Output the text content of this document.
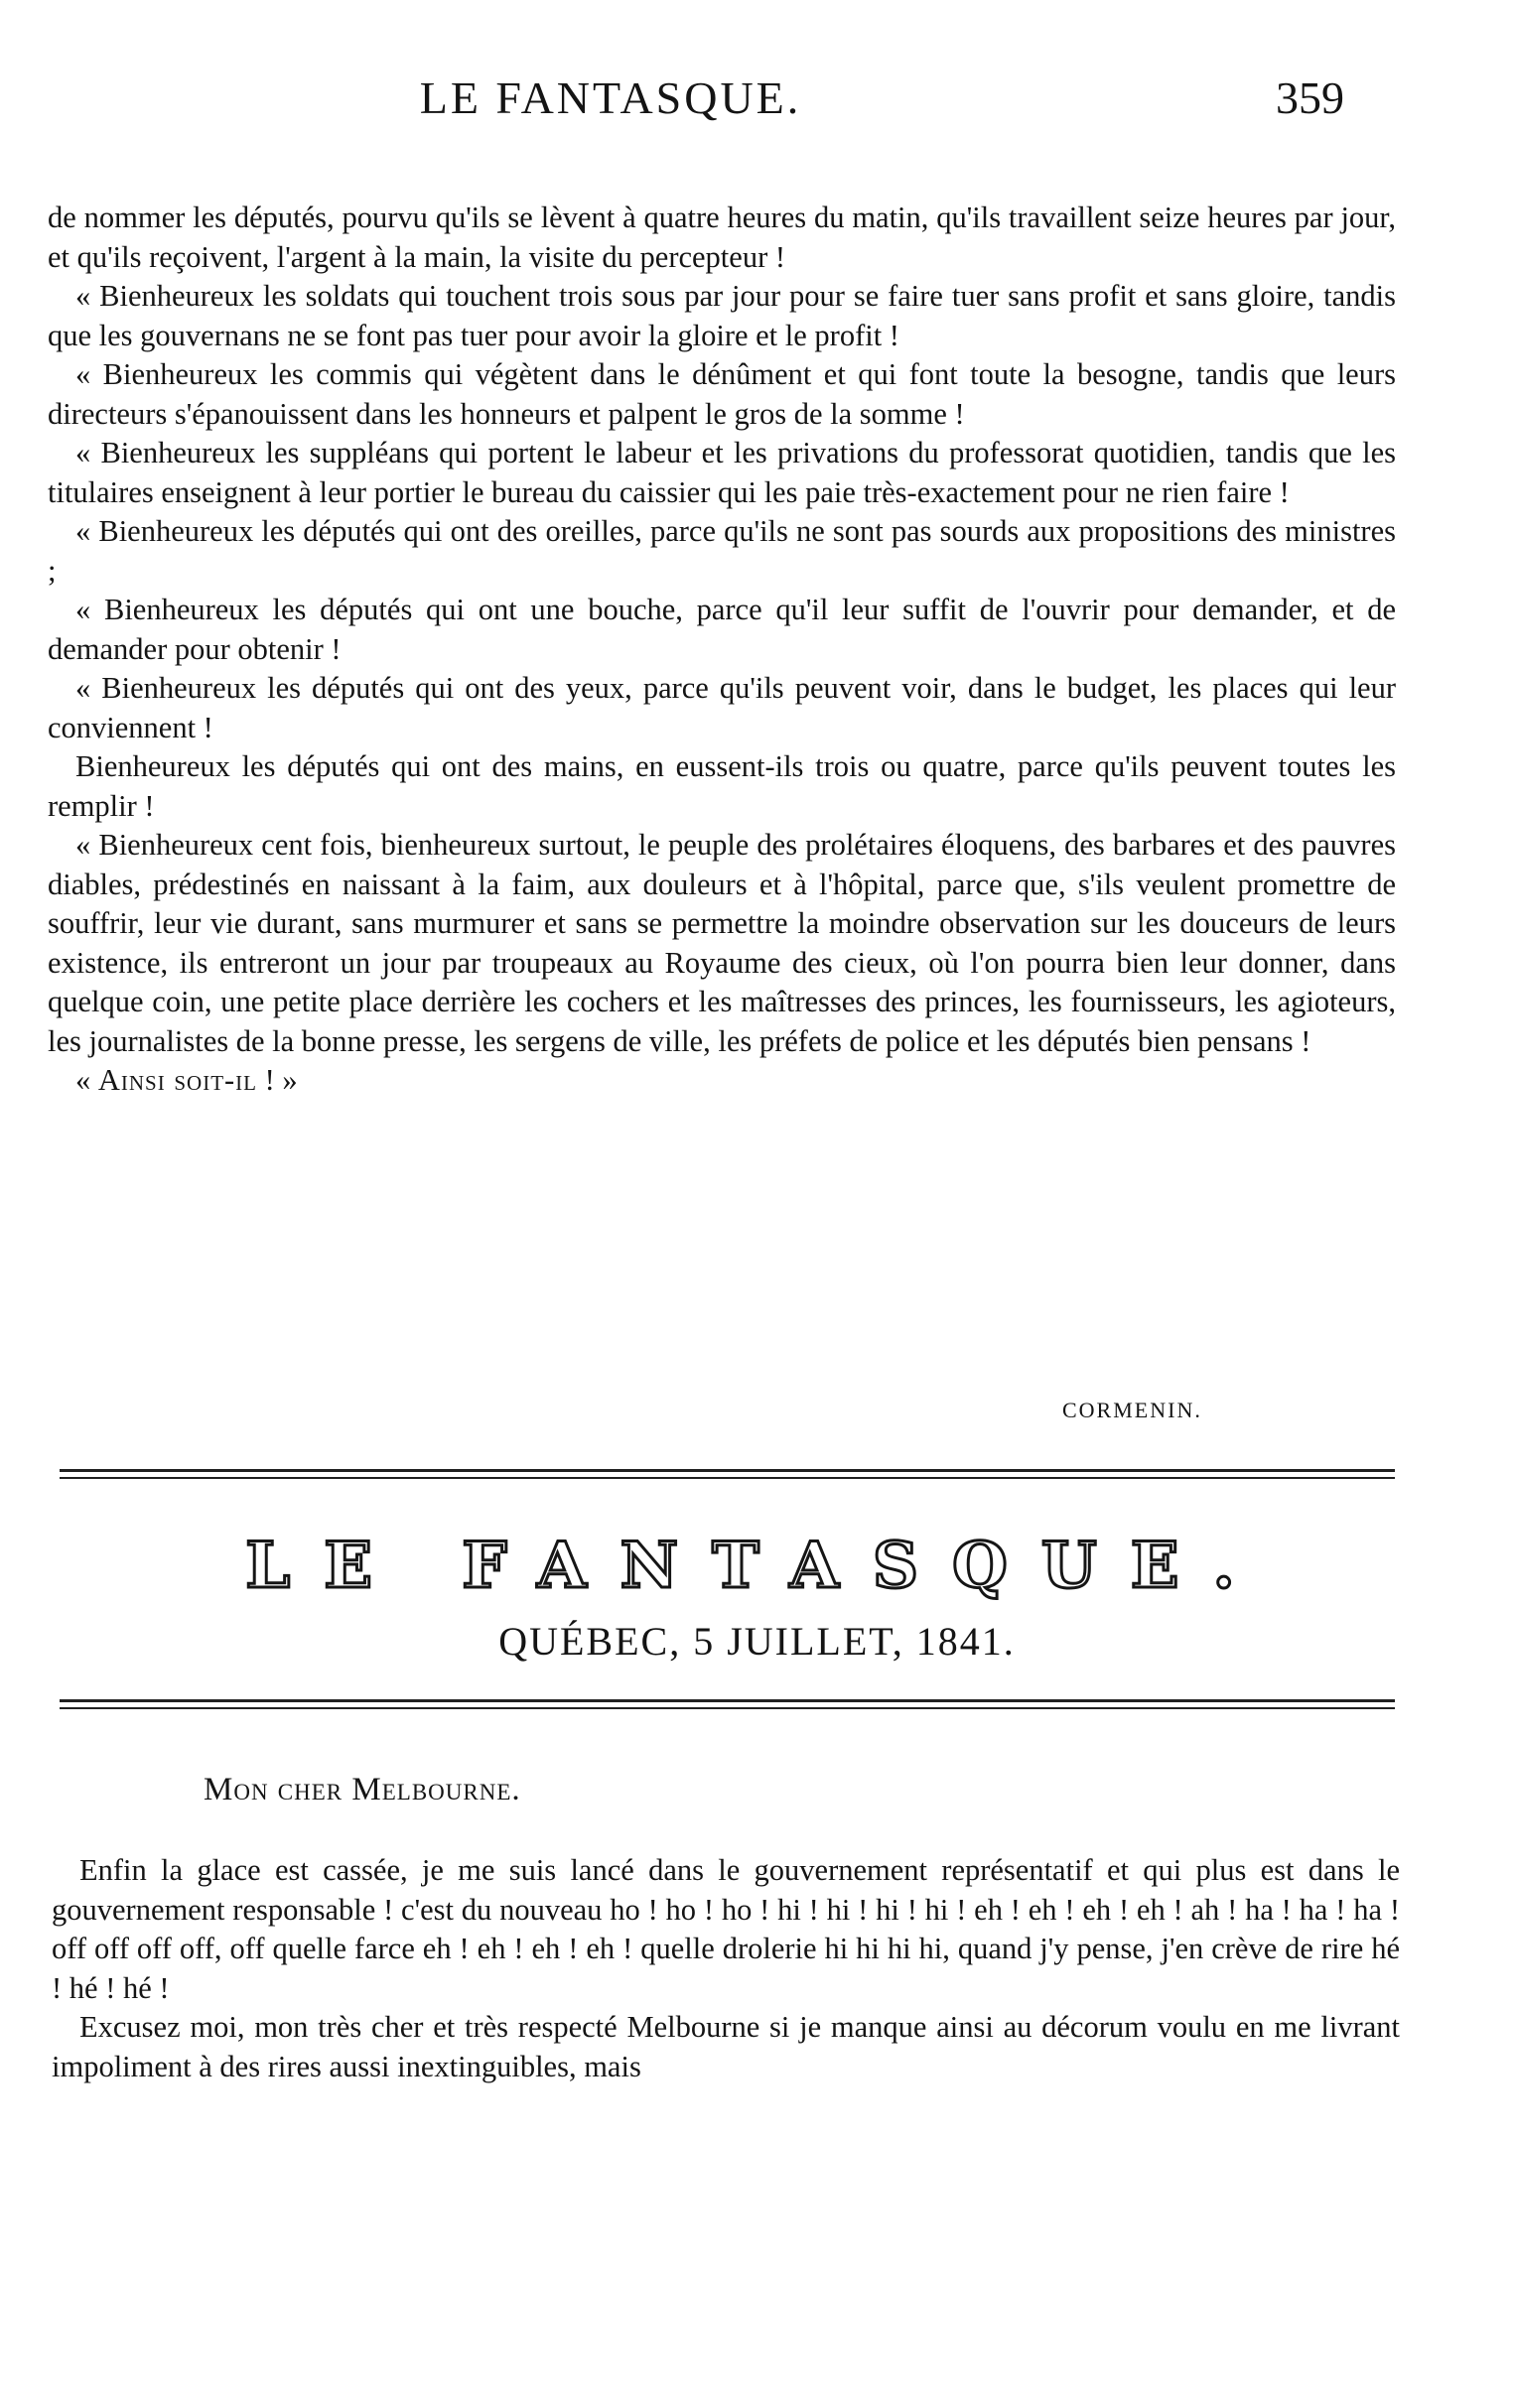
LE FANTASQUE.	359

de nommer les députés, pourvu qu'ils se lèvent à quatre heures du matin, qu'ils travaillent seize heures par jour, et qu'ils reçoivent, l'argent à la main, la visite du percepteur !

« Bienheureux les soldats qui touchent trois sous par jour pour se faire tuer sans profit et sans gloire, tandis que les gouvernans ne se font pas tuer pour avoir la gloire et le profit !

« Bienheureux les commis qui végètent dans le dénûment et qui font toute la besogne, tandis que leurs directeurs s'épanouissent dans les honneurs et palpent le gros de la somme !

« Bienheureux les suppléans qui portent le labeur et les privations du professorat quotidien, tandis que les titulaires enseignent à leur portier le bureau du caissier qui les paie très-exactement pour ne rien faire !

« Bienheureux les députés qui ont des oreilles, parce qu'ils ne sont pas sourds aux propositions des ministres ;

« Bienheureux les députés qui ont une bouche, parce qu'il leur suffit de l'ouvrir pour demander, et de demander pour obtenir !

« Bienheureux les députés qui ont des yeux, parce qu'ils peuvent voir, dans le budget, les places qui leur conviennent !

Bienheureux les députés qui ont des mains, en eussent-ils trois ou quatre, parce qu'ils peuvent toutes les remplir !

« Bienheureux cent fois, bienheureux surtout, le peuple des prolétaires éloquens, des barbares et des pauvres diables, prédestinés en naissant à la faim, aux douleurs et à l'hôpital, parce que, s'ils veulent promettre de souffrir, leur vie durant, sans murmurer et sans se permettre la moindre observation sur les douceurs de leurs existence, ils entreront un jour par troupeaux au Royaume des cieux, où l'on pourra bien leur donner, dans quelque coin, une petite place derrière les cochers et les maîtresses des princes, les fournisseurs, les agioteurs, les journalistes de la bonne presse, les sergens de ville, les préfets de police et les députés bien pensans !

« Ainsi soit-il ! »

CORMENIN.
LE FANTASQUE.
QUÉBEC, 5 JUILLET, 1841.
Mon cher Melbourne.

Enfin la glace est cassée, je me suis lancé dans le gouvernement représentatif et qui plus est dans le gouvernement responsable ! c'est du nouveau ho ! ho ! ho ! hi ! hi ! hi ! hi ! eh ! eh ! eh ! eh ! ah ! ha ! ha ! ha ! off off off off, off quelle farce eh ! eh ! eh ! eh ! quelle drolerie hi hi hi hi, quand j'y pense, j'en crève de rire hé ! hé ! hé !

Excusez moi, mon très cher et très respecté Melbourne si je manque ainsi au décorum voulu en me livrant impoliment à des rires aussi inextinguibles, mais
